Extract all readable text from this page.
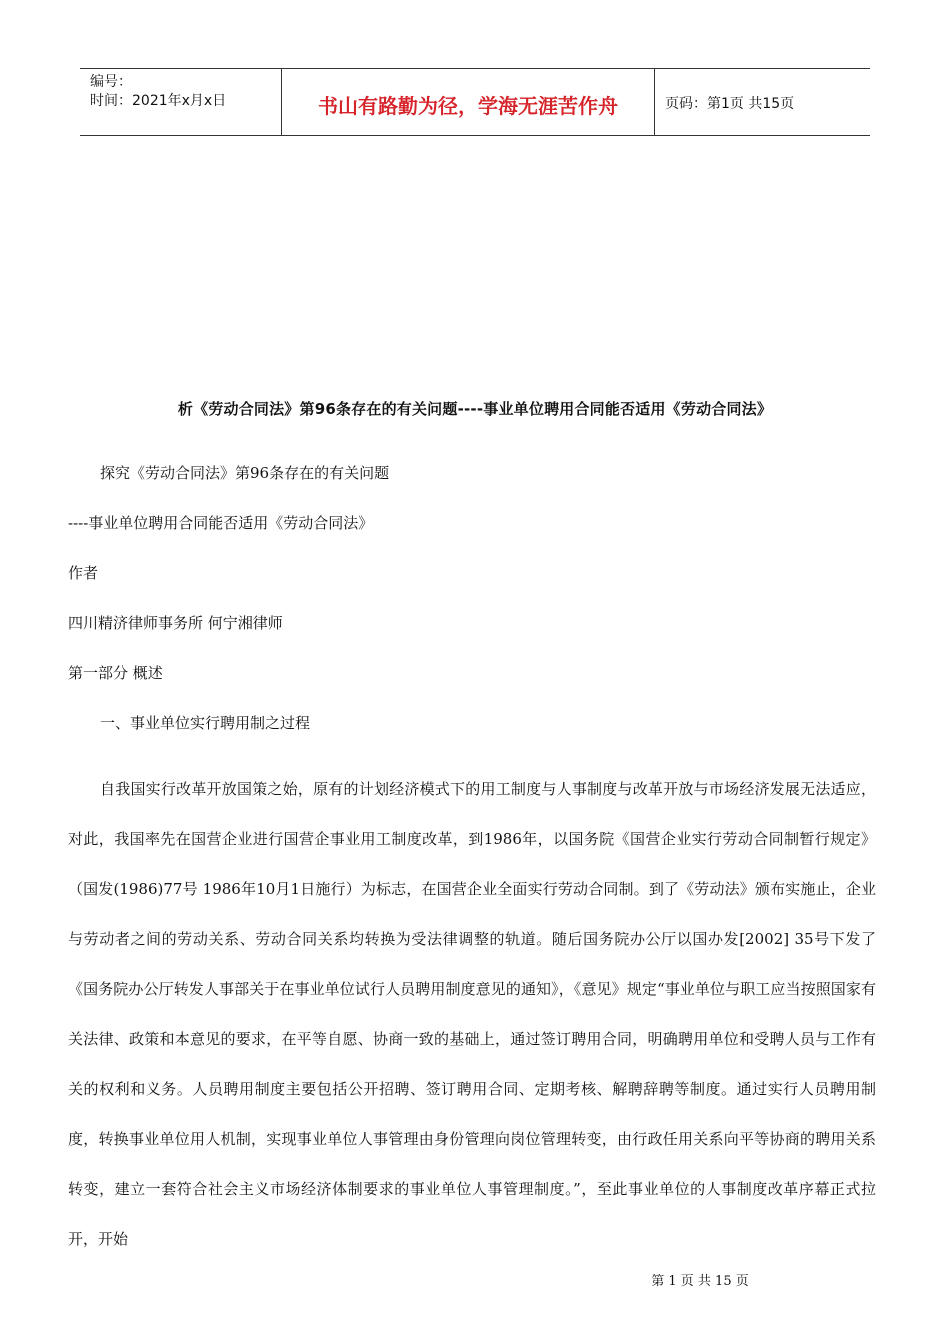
编号：
时间：2021年x月x日	书山有路勤为径，学海无涯苦作舟	页码：第1页 共15页
析《劳动合同法》第96条存在的有关问题----事业单位聘用合同能否适用《劳动合同法》
探究《劳动合同法》第96条存在的有关问题
----事业单位聘用合同能否适用《劳动合同法》
作者
四川精济律师事务所 何宁湘律师
第一部分 概述
一、事业单位实行聘用制之过程

自我国实行改革开放国策之始，原有的计划经济模式下的用工制度与人事制度与改革开放与市场经济发展无法适应，对此，我国率先在国营企业进行国营企事业用工制度改革，到1986年，以国务院《国营企业实行劳动合同制暂行规定》（国发(1986)77号 1986年10月1日施行）为标志，在国营企业全面实行劳动合同制。到了《劳动法》颁布实施止，企业与劳动者之间的劳动关系、劳动合同关系均转换为受法律调整的轨道。随后国务院办公厅以国办发[2002] 35号下发了《国务院办公厅转发人事部关于在事业单位试行人员聘用制度意见的通知》，《意见》规定“事业单位与职工应当按照国家有关法律、政策和本意见的要求，在平等自愿、协商一致的基础上，通过签订聘用合同，明确聘用单位和受聘人员与工作有关的权利和义务。人员聘用制度主要包括公开招聘、签订聘用合同、定期考核、解聘辞聘等制度。通过实行人员聘用制度，转换事业单位用人机制，实现事业单位人事管理由身份管理向岗位管理转变，由行政任用关系向平等协商的聘用关系转变，建立一套符合社会主义市场经济体制要求的事业单位人事管理制度。”，至此事业单位的人事制度改革序幕正式拉开，开始

第 1 页 共 15 页
